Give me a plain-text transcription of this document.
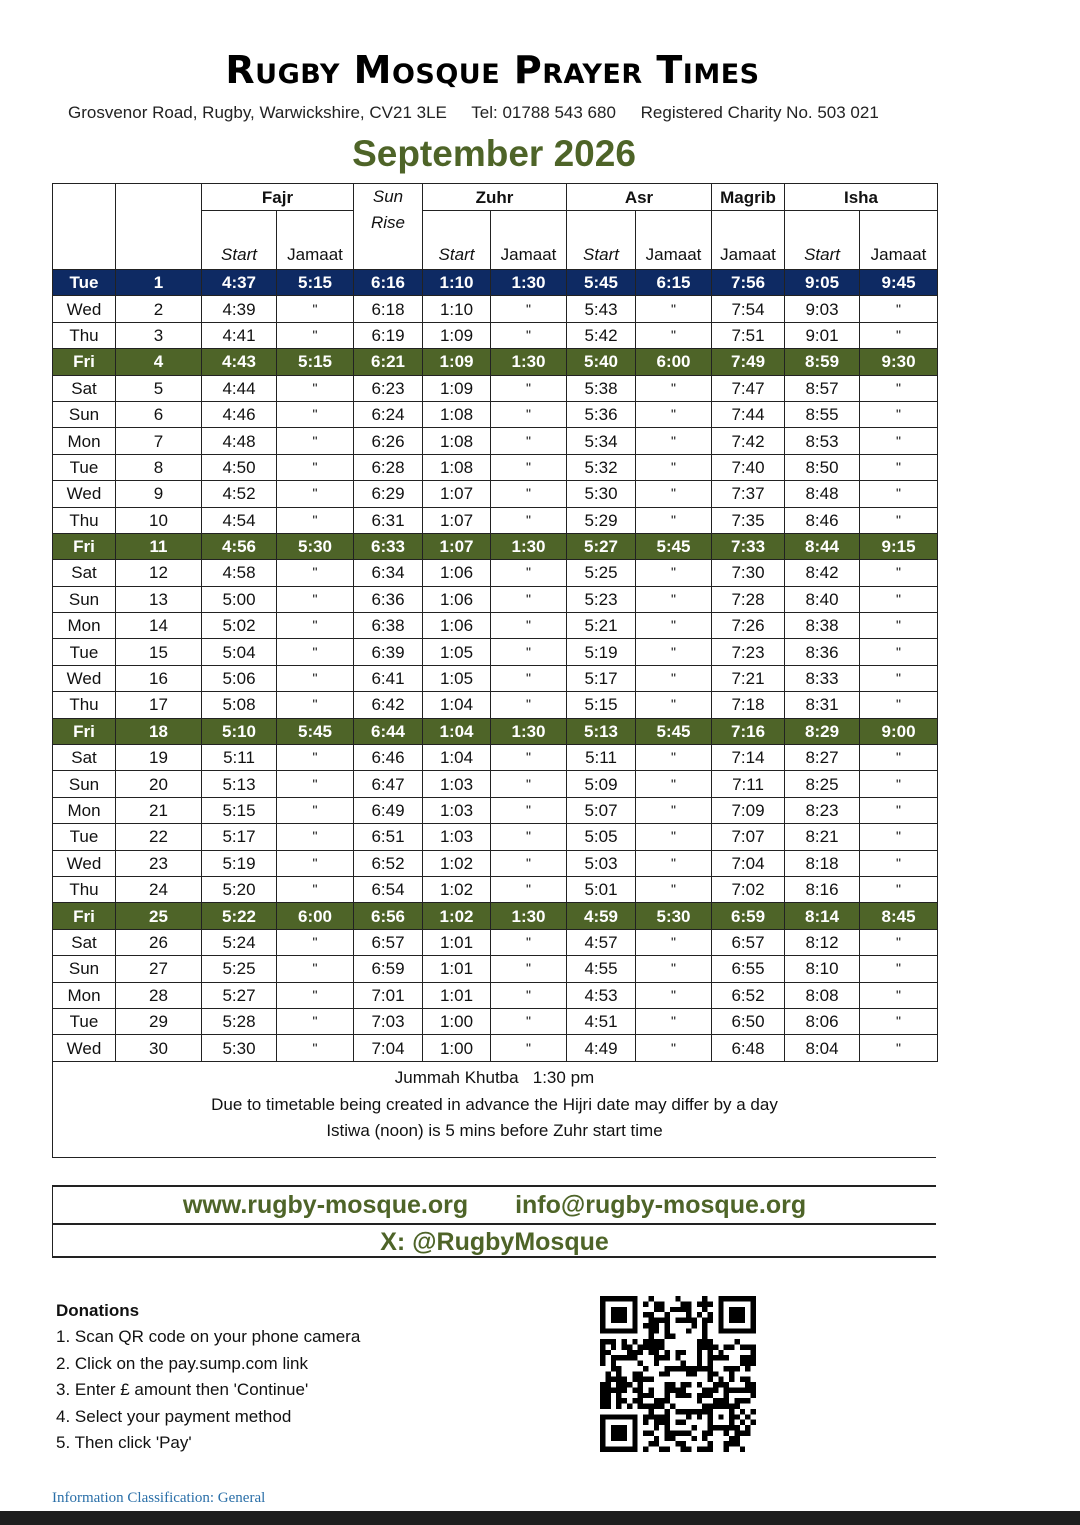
Rugby Mosque Prayer Times
Grosvenor Road, Rugby, Warwickshire, CV21 3LE Tel: 01788 543 680 Registered Charity No. 503 021
September 2026
		Fajr		Sun
Rise	Zuhr		Asr		Magrib	Isha	
		Start	Jamaat		Start	Jamaat	Start	Jamaat	Jamaat	Start	Jamaat
Tue	1	4:37	5:15	6:16	1:10	1:30	5:45	6:15	7:56	9:05	9:45
Wed	2	4:39	"	6:18	1:10	"	5:43	"	7:54	9:03	"
Thu	3	4:41	"	6:19	1:09	"	5:42	"	7:51	9:01	"
Fri	4	4:43	5:15	6:21	1:09	1:30	5:40	6:00	7:49	8:59	9:30
Sat	5	4:44	"	6:23	1:09	"	5:38	"	7:47	8:57	"
Sun	6	4:46	"	6:24	1:08	"	5:36	"	7:44	8:55	"
Mon	7	4:48	"	6:26	1:08	"	5:34	"	7:42	8:53	"
Tue	8	4:50	"	6:28	1:08	"	5:32	"	7:40	8:50	"
Wed	9	4:52	"	6:29	1:07	"	5:30	"	7:37	8:48	"
Thu	10	4:54	"	6:31	1:07	"	5:29	"	7:35	8:46	"
Fri	11	4:56	5:30	6:33	1:07	1:30	5:27	5:45	7:33	8:44	9:15
Sat	12	4:58	"	6:34	1:06	"	5:25	"	7:30	8:42	"
Sun	13	5:00	"	6:36	1:06	"	5:23	"	7:28	8:40	"
Mon	14	5:02	"	6:38	1:06	"	5:21	"	7:26	8:38	"
Tue	15	5:04	"	6:39	1:05	"	5:19	"	7:23	8:36	"
Wed	16	5:06	"	6:41	1:05	"	5:17	"	7:21	8:33	"
Thu	17	5:08	"	6:42	1:04	"	5:15	"	7:18	8:31	"
Fri	18	5:10	5:45	6:44	1:04	1:30	5:13	5:45	7:16	8:29	9:00
Sat	19	5:11	"	6:46	1:04	"	5:11	"	7:14	8:27	"
Sun	20	5:13	"	6:47	1:03	"	5:09	"	7:11	8:25	"
Mon	21	5:15	"	6:49	1:03	"	5:07	"	7:09	8:23	"
Tue	22	5:17	"	6:51	1:03	"	5:05	"	7:07	8:21	"
Wed	23	5:19	"	6:52	1:02	"	5:03	"	7:04	8:18	"
Thu	24	5:20	"	6:54	1:02	"	5:01	"	7:02	8:16	"
Fri	25	5:22	6:00	6:56	1:02	1:30	4:59	5:30	6:59	8:14	8:45
Sat	26	5:24	"	6:57	1:01	"	4:57	"	6:57	8:12	"
Sun	27	5:25	"	6:59	1:01	"	4:55	"	6:55	8:10	"
Mon	28	5:27	"	7:01	1:01	"	4:53	"	6:52	8:08	"
Tue	29	5:28	"	7:03	1:00	"	4:51	"	6:50	8:06	"
Wed	30	5:30	"	7:04	1:00	"	4:49	"	6:48	8:04	"
Jummah Khutba   1:30 pm
Due to timetable being created in advance the Hijri date may differ by a day
Istiwa (noon) is 5 mins before Zuhr start time
www.rugby-mosque.org info@rugby-mosque.org
X: @RugbyMosque
Donations
1. Scan QR code on your phone camera
2. Click on the pay.sump.com link
3. Enter £ amount then 'Continue'
4. Select your payment method
5. Then click 'Pay'
Information Classification: General
